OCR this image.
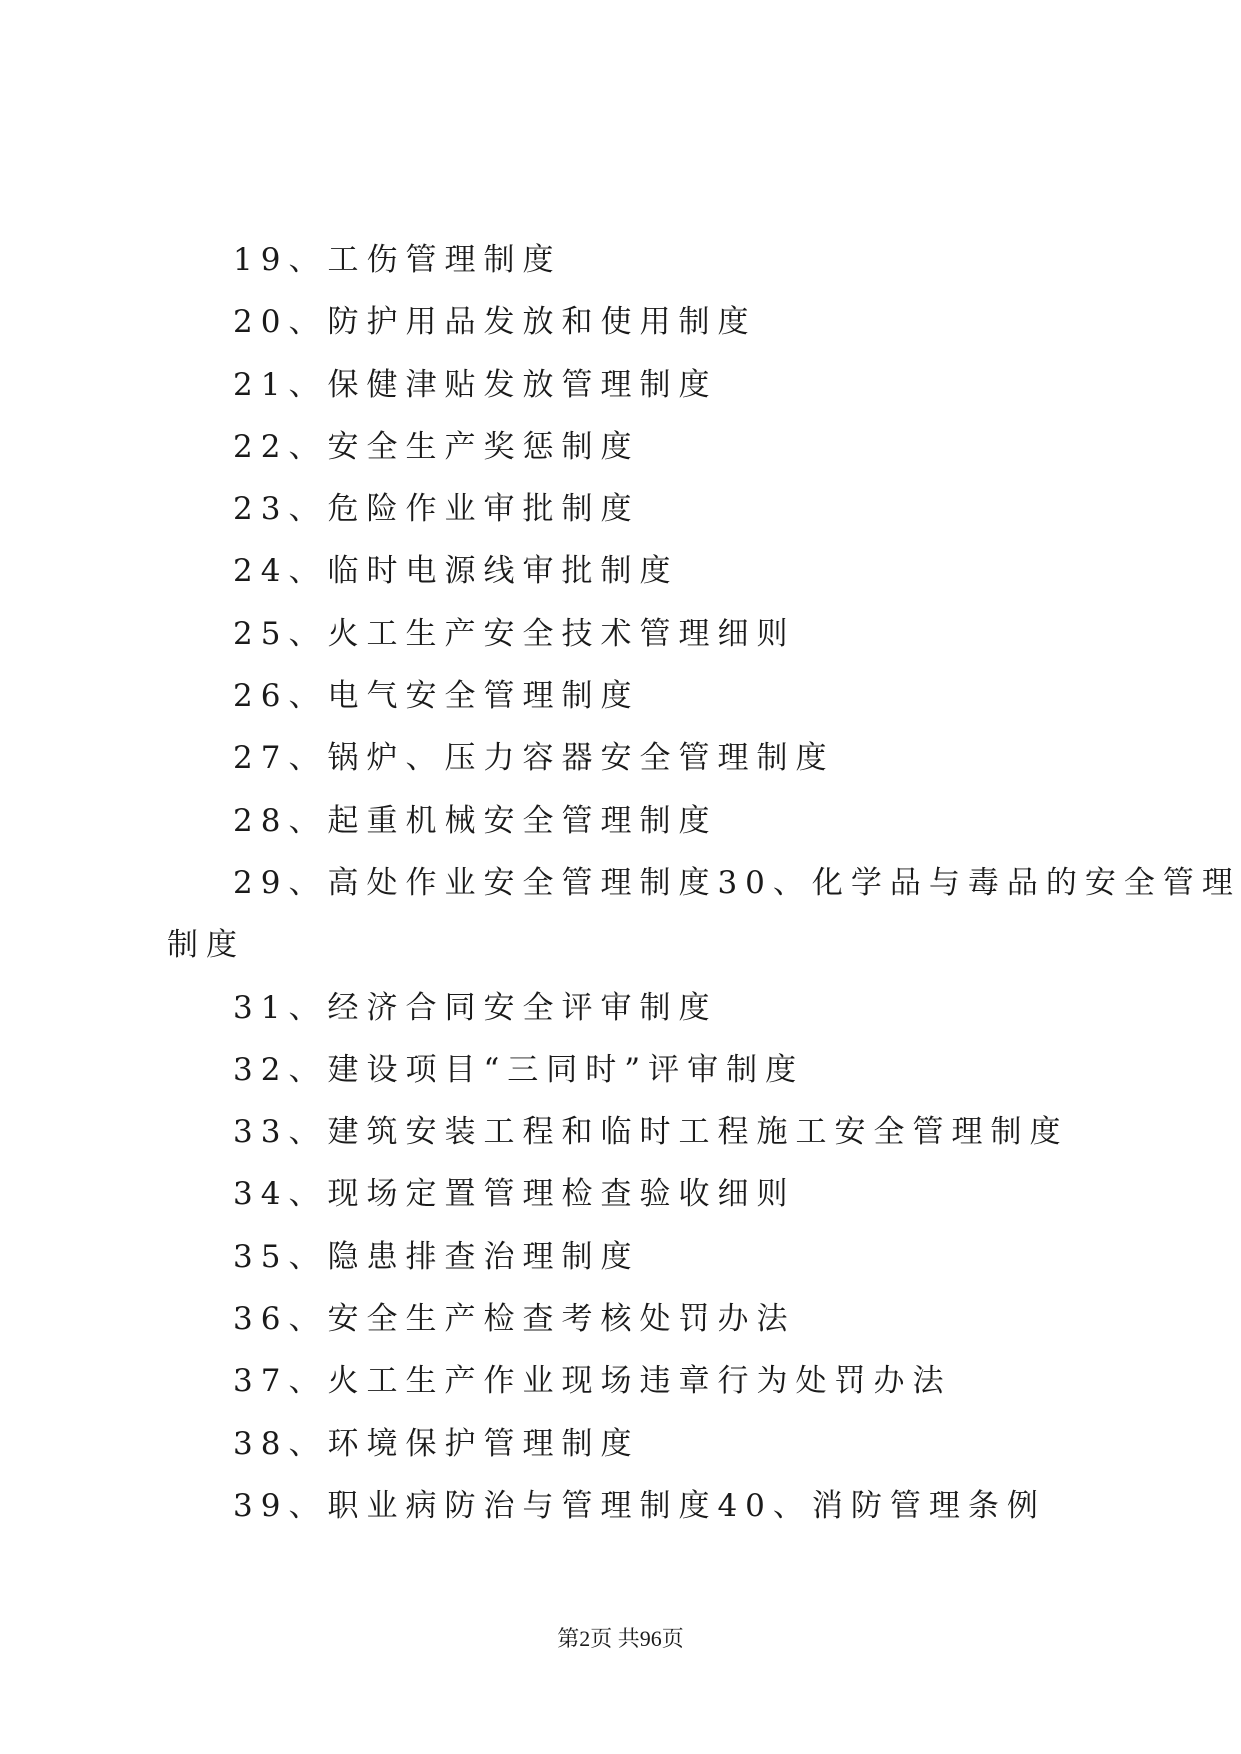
19、工伤管理制度
20、防护用品发放和使用制度
21、保健津贴发放管理制度
22、安全生产奖惩制度
23、危险作业审批制度
24、临时电源线审批制度
25、火工生产安全技术管理细则
26、电气安全管理制度
27、锅炉、压力容器安全管理制度
28、起重机械安全管理制度
29、高处作业安全管理制度30、化学品与毒品的安全管理
制度
31、经济合同安全评审制度
32、建设项目“三同时”评审制度
33、建筑安装工程和临时工程施工安全管理制度
34、现场定置管理检查验收细则
35、隐患排查治理制度
36、安全生产检查考核处罚办法
37、火工生产作业现场违章行为处罚办法
38、环境保护管理制度
39、职业病防治与管理制度40、消防管理条例
第2页 共96页
